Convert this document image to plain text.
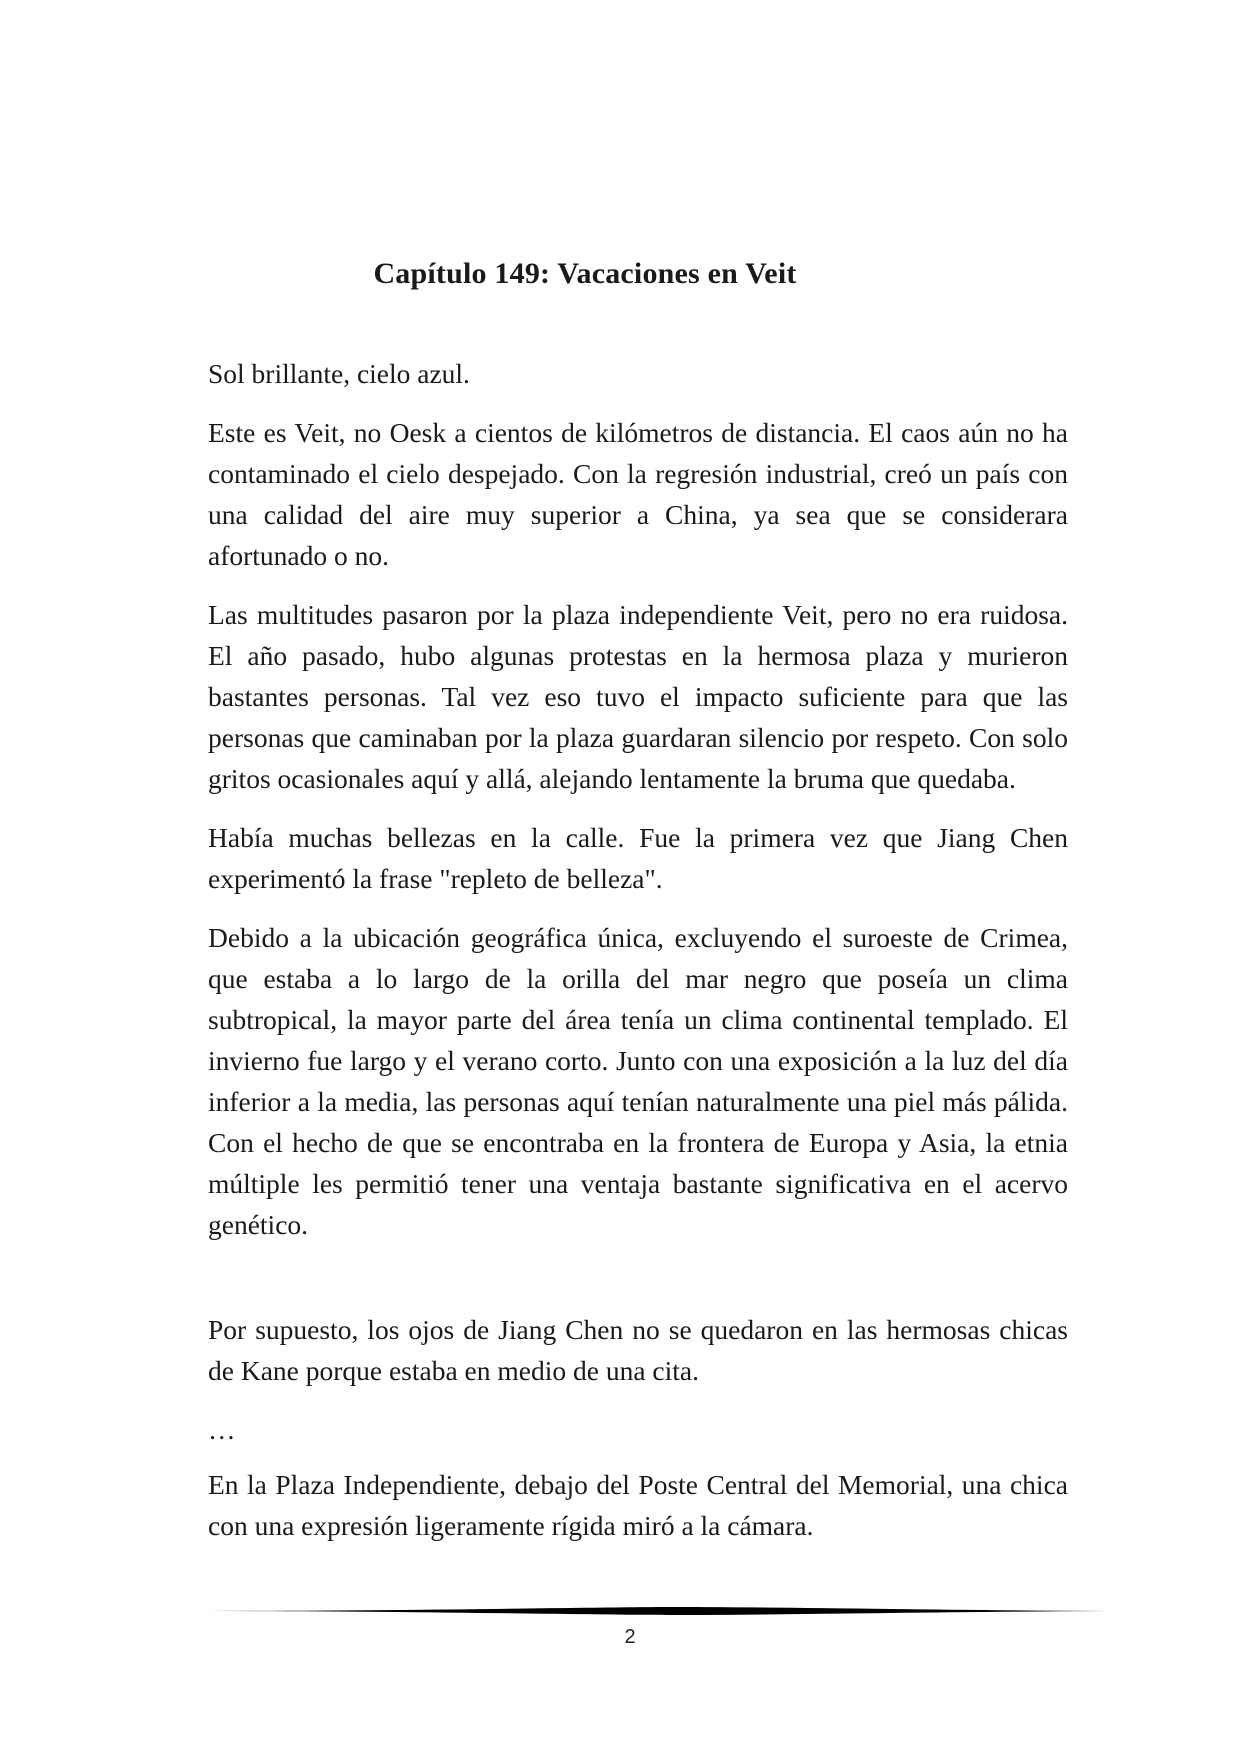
Capítulo 149: Vacaciones en Veit

Sol brillante, cielo azul.

Este es Veit, no Oesk a cientos de kilómetros de distancia. El caos aún no ha contaminado el cielo despejado. Con la regresión industrial, creó un país con una calidad del aire muy superior a China, ya sea que se considerara afortunado o no.

Las multitudes pasaron por la plaza independiente Veit, pero no era ruidosa. El año pasado, hubo algunas protestas en la hermosa plaza y murieron bastantes personas. Tal vez eso tuvo el impacto suficiente para que las personas que caminaban por la plaza guardaran silencio por respeto. Con solo gritos ocasionales aquí y allá, alejando lentamente la bruma que quedaba.

Había muchas bellezas en la calle. Fue la primera vez que Jiang Chen experimentó la frase "repleto de belleza".

Debido a la ubicación geográfica única, excluyendo el suroeste de Crimea, que estaba a lo largo de la orilla del mar negro que poseía un clima subtropical, la mayor parte del área tenía un clima continental templado. El invierno fue largo y el verano corto. Junto con una exposición a la luz del día inferior a la media, las personas aquí tenían naturalmente una piel más pálida. Con el hecho de que se encontraba en la frontera de Europa y Asia, la etnia múltiple les permitió tener una ventaja bastante significativa en el acervo genético.

Por supuesto, los ojos de Jiang Chen no se quedaron en las hermosas chicas de Kane porque estaba en medio de una cita.

…

En la Plaza Independiente, debajo del Poste Central del Memorial, una chica con una expresión ligeramente rígida miró a la cámara.

2
